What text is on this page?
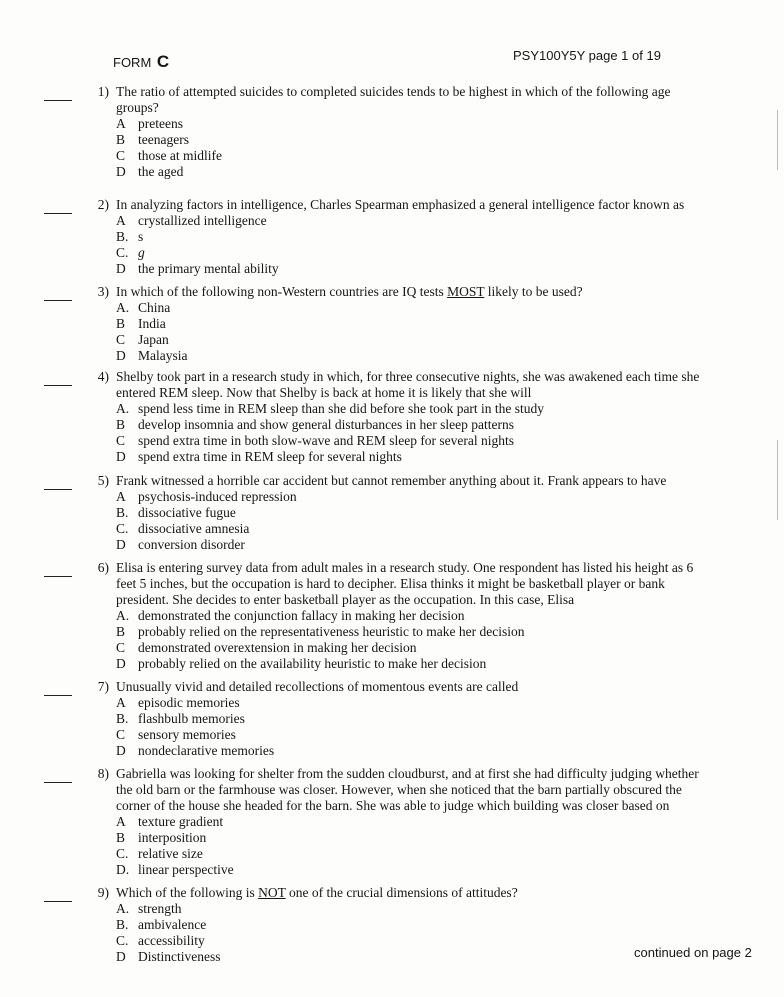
FORM C	PSY100Y5Y page 1 of 19
1) The ratio of attempted suicides to completed suicides tends to be highest in which of the following age groups?
A preteens
B teenagers
C those at midlife
D the aged
2) In analyzing factors in intelligence, Charles Spearman emphasized a general intelligence factor known as
A crystallized intelligence
B. s
C. g
D the primary mental ability
3) In which of the following non-Western countries are IQ tests MOST likely to be used?
A. China
B India
C Japan
D Malaysia
4) Shelby took part in a research study in which, for three consecutive nights, she was awakened each time she entered REM sleep. Now that Shelby is back at home it is likely that she will
A. spend less time in REM sleep than she did before she took part in the study
B develop insomnia and show general disturbances in her sleep patterns
C spend extra time in both slow-wave and REM sleep for several nights
D spend extra time in REM sleep for several nights
5) Frank witnessed a horrible car accident but cannot remember anything about it. Frank appears to have
A psychosis-induced repression
B. dissociative fugue
C. dissociative amnesia
D conversion disorder
6) Elisa is entering survey data from adult males in a research study. One respondent has listed his height as 6 feet 5 inches, but the occupation is hard to decipher. Elisa thinks it might be basketball player or bank president. She decides to enter basketball player as the occupation. In this case, Elisa
A. demonstrated the conjunction fallacy in making her decision
B probably relied on the representativeness heuristic to make her decision
C demonstrated overextension in making her decision
D probably relied on the availability heuristic to make her decision
7) Unusually vivid and detailed recollections of momentous events are called
A episodic memories
B. flashbulb memories
C sensory memories
D nondeclarative memories
8) Gabriella was looking for shelter from the sudden cloudburst, and at first she had difficulty judging whether the old barn or the farmhouse was closer. However, when she noticed that the barn partially obscured the corner of the house she headed for the barn. She was able to judge which building was closer based on
A texture gradient
B interposition
C. relative size
D. linear perspective
9) Which of the following is NOT one of the crucial dimensions of attitudes?
A. strength
B. ambivalence
C. accessibility
D Distinctiveness	continued on page 2
